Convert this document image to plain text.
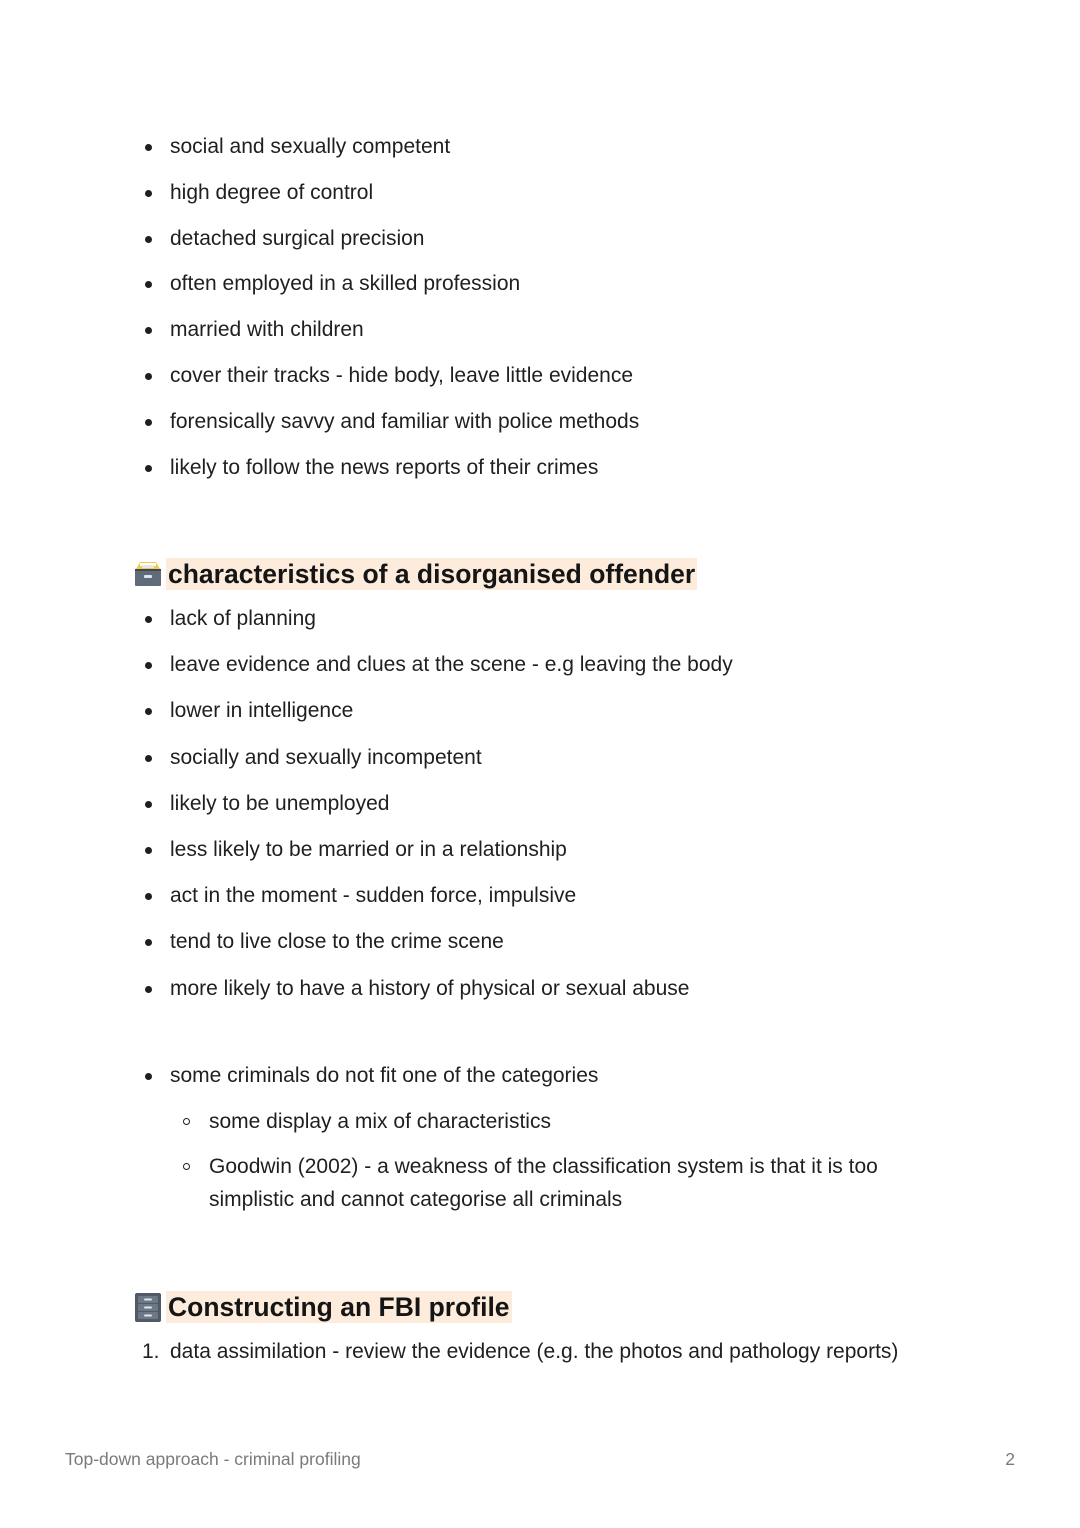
social and sexually competent
high degree of control
detached surgical precision
often employed in a skilled profession
married with children
cover their tracks - hide body, leave little evidence
forensically savvy and familiar with police methods
likely to follow the news reports of their crimes
characteristics of a disorganised offender
lack of planning
leave evidence and clues at the scene - e.g leaving the body
lower in intelligence
socially and sexually incompetent
likely to be unemployed
less likely to be married or in a relationship
act in the moment - sudden force, impulsive
tend to live close to the crime scene
more likely to have a history of physical or sexual abuse
some criminals do not fit one of the categories
some display a mix of characteristics
Goodwin (2002) - a weakness of the classification system is that it is too simplistic and cannot categorise all criminals
Constructing an FBI profile
1. data assimilation - review the evidence (e.g. the photos and pathology reports)
Top-down approach - criminal profiling	2
